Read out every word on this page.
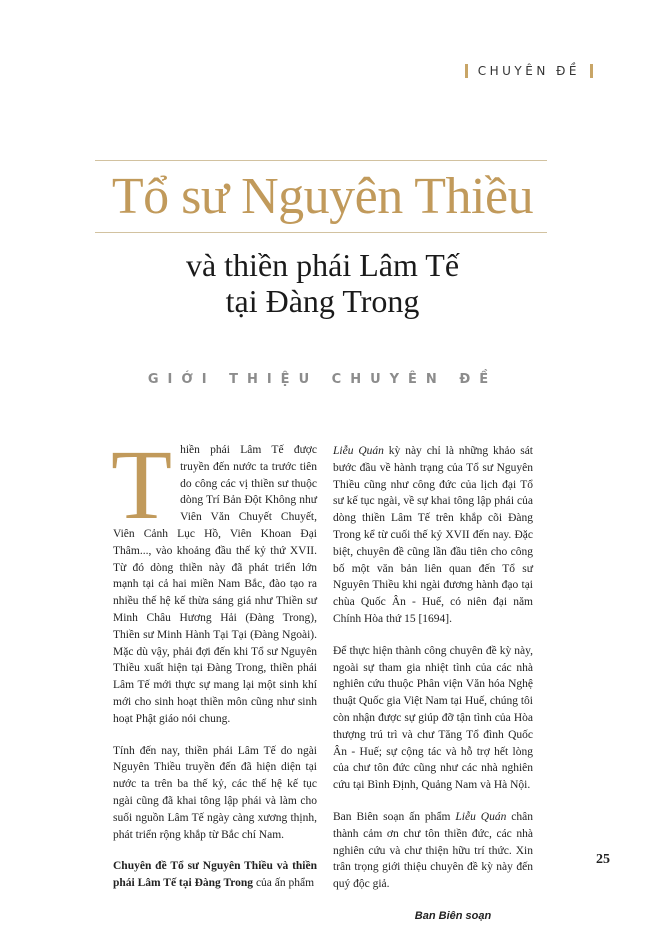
CHUYÊN ĐỀ
Tổ sư Nguyên Thiều
và thiền phái Lâm Tế
tại Đàng Trong
GIỚI THIỆU CHUYÊN ĐỀ

Thiền phái Lâm Tế được truyền đến nước ta trước tiên do công các vị thiền sư thuộc dòng Trí Bản Đột Không như Viên Văn Chuyết Chuyết, Viên Cảnh Lục Hồ, Viên Khoan Đại Thâm..., vào khoảng đầu thế kỷ thứ XVII. Từ đó dòng thiền này đã phát triển lớn mạnh tại cả hai miền Nam Bắc, đào tạo ra nhiều thế hệ kế thừa sáng giá như Thiền sư Minh Châu Hương Hải (Đàng Trong), Thiền sư Minh Hành Tại Tại (Đàng Ngoài). Mặc dù vậy, phải đợi đến khi Tổ sư Nguyên Thiều xuất hiện tại Đàng Trong, thiền phái Lâm Tế mới thực sự mang lại một sinh khí mới cho sinh hoạt thiền môn cũng như sinh hoạt Phật giáo nói chung.

Tính đến nay, thiền phái Lâm Tế do ngài Nguyên Thiều truyền đến đã hiện diện tại nước ta trên ba thế kỷ, các thế hệ kế tục ngài cũng đã khai tông lập phái và làm cho suối nguồn Lâm Tế ngày càng xương thịnh, phát triển rộng khắp từ Bắc chí Nam.

Chuyên đề Tổ sư Nguyên Thiều và thiền phái Lâm Tế tại Đàng Trong của ấn phẩm

Liễu Quán kỳ này chỉ là những khảo sát bước đầu về hành trạng của Tổ sư Nguyên Thiều cũng như công đức của lịch đại Tổ sư kế tục ngài, về sự khai tông lập phái của dòng thiền Lâm Tế trên khắp cõi Đàng Trong kể từ cuối thế kỷ XVII đến nay. Đặc biệt, chuyên đề cũng lần đầu tiên cho công bố một văn bản liên quan đến Tổ sư Nguyên Thiều khi ngài đương hành đạo tại chùa Quốc Ân - Huế, có niên đại năm Chính Hòa thứ 15 [1694].

Để thực hiện thành công chuyên đề kỳ này, ngoài sự tham gia nhiệt tình của các nhà nghiên cứu thuộc Phân viện Văn hóa Nghệ thuật Quốc gia Việt Nam tại Huế, chúng tôi còn nhận được sự giúp đỡ tận tình của Hòa thượng trú trì và chư Tăng Tổ đình Quốc Ân - Huế; sự cộng tác và hỗ trợ hết lòng của chư tôn đức cũng như các nhà nghiên cứu tại Bình Định, Quảng Nam và Hà Nội.

Ban Biên soạn ấn phẩm Liễu Quán chân thành cảm ơn chư tôn thiền đức, các nhà nghiên cứu và chư thiện hữu trí thức. Xin trân trọng giới thiệu chuyên đề kỳ này đến quý độc giả.

Ban Biên soạn
25
